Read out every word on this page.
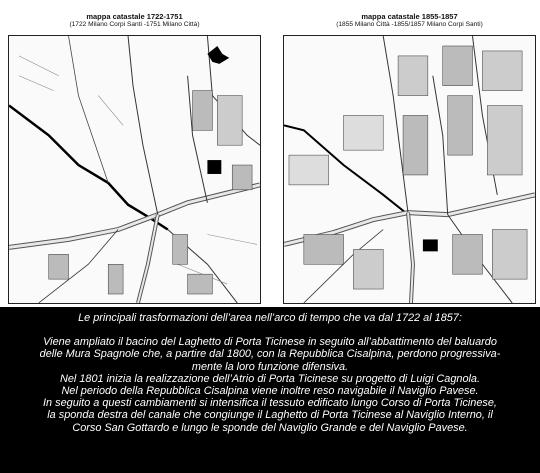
mappa catastale 1722-1751
(1722 Milano Corpi Santi -1751 Milano Città)
mappa catastale 1855-1857
(1855 Milano Città -1855/1857 Milano Corpi Santi)

Le principali trasformazioni dell’area nell’arco di tempo che va dal 1722 al 1857:

Viene ampliato il bacino del Laghetto di Porta Ticinese in seguito all’abbattimento del baluardo

delle Mura Spagnole che, a partire dal 1800, con la Repubblica Cisalpina, perdono progressiva-

mente la loro funzione difensiva.

Nel 1801 inizia la realizzazione dell’Atrio di Porta Ticinese su progetto di Luigi Cagnola.

Nel periodo della Repubblica Cisalpina viene inoltre reso navigabile il Naviglio Pavese.

In seguito a questi cambiamenti si intensifica il tessuto edificato lungo Corso di Porta Ticinese,

la sponda destra del canale che congiunge il Laghetto di Porta Ticinese al Naviglio Interno, il

Corso San Gottardo e lungo le sponde del Naviglio Grande e del Naviglio Pavese.
